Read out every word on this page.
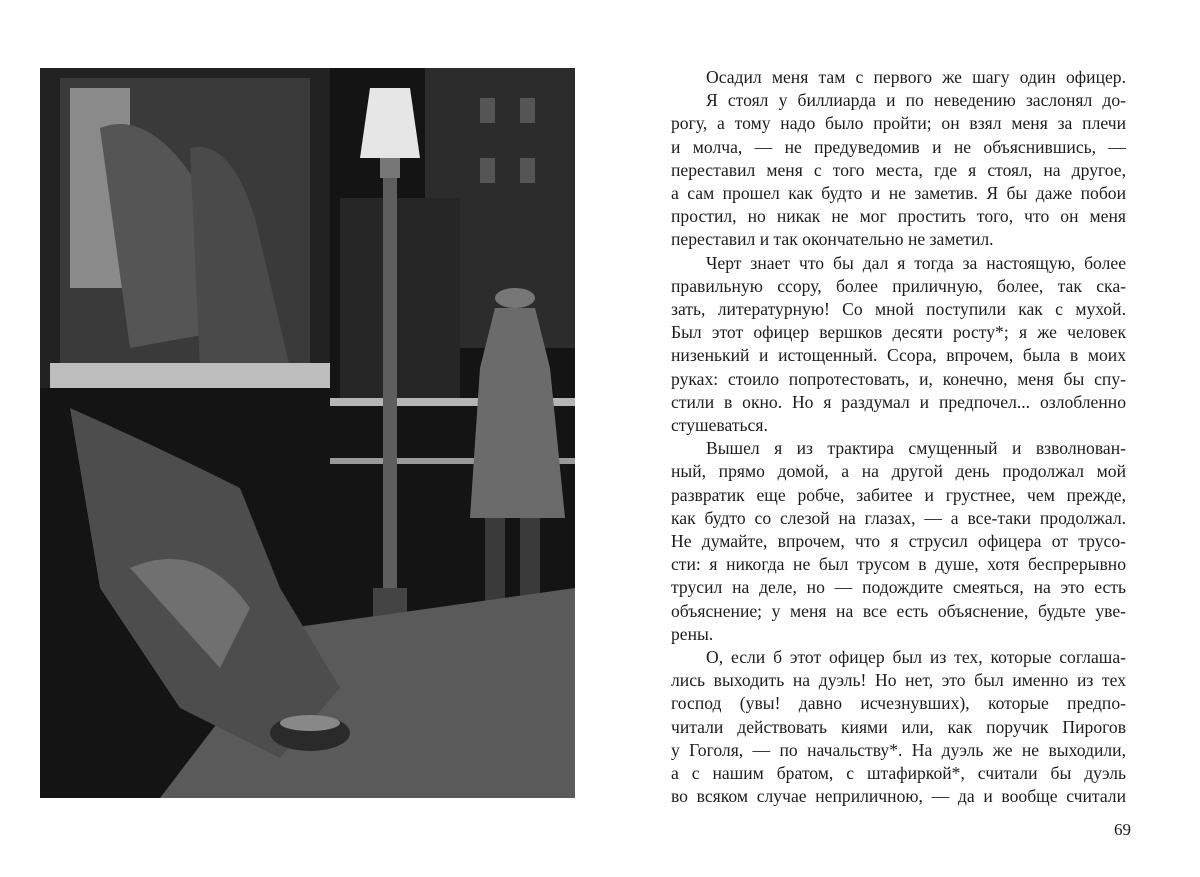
Осадил меня там с первого же шагу один офицер.
Я стоял у биллиарда и по неведению заслонял до-
рогу, а тому надо было пройти; он взял меня за плечи
и молча, — не предуведомив и не объяснившись, —
переставил меня с того места, где я стоял, на другое,
а сам прошел как будто и не заметив. Я бы даже побои
простил, но никак не мог простить того, что он меня
переставил и так окончательно не заметил.
Черт знает что бы дал я тогда за настоящую, более
правильную ссору, более приличную, более, так ска-
зать, литературную! Со мной поступили как с мухой.
Был этот офицер вершков десяти росту*; я же человек
низенький и истощенный. Ссора, впрочем, была в моих
руках: стоило попротестовать, и, конечно, меня бы спу-
стили в окно. Но я раздумал и предпочел... озлобленно
стушеваться.
Вышел я из трактира смущенный и взволнован-
ный, прямо домой, а на другой день продолжал мой
развратик еще робче, забитее и грустнее, чем прежде,
как будто со слезой на глазах, — а все-таки продолжал.
Не думайте, впрочем, что я струсил офицера от трусо-
сти: я никогда не был трусом в душе, хотя беспрерывно
трусил на деле, но — подождите смеяться, на это есть
объяснение; у меня на все есть объяснение, будьте уве-
рены.
О, если б этот офицер был из тех, которые соглаша-
лись выходить на дуэль! Но нет, это был именно из тех
господ (увы! давно исчезнувших), которые предпо-
читали действовать киями или, как поручик Пирогов
у Гоголя, — по начальству*. На дуэль же не выходили,
а с нашим братом, с штафиркой*, считали бы дуэль
во всяком случае неприличною, — да и вообще считали
69
